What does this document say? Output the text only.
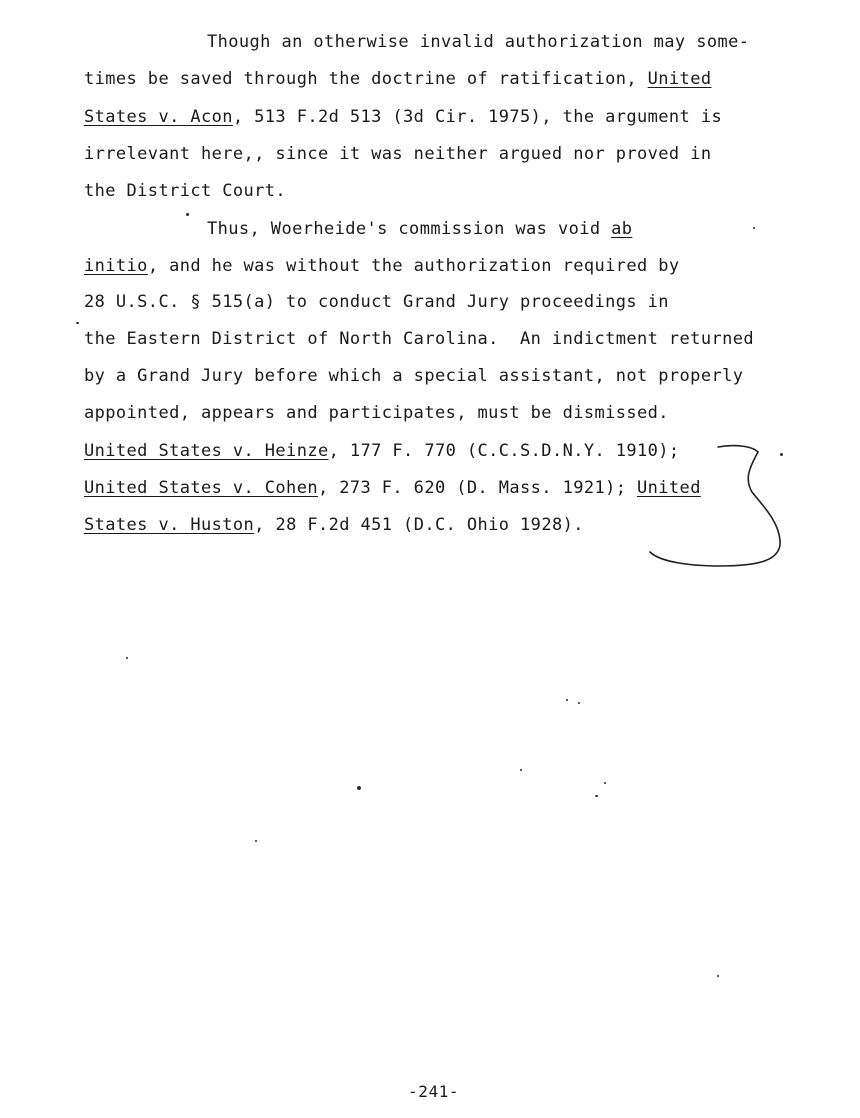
Though an otherwise invalid authorization may some-
times be saved through the doctrine of ratification, United
States v. Acon, 513 F.2d 513 (3d Cir. 1975), the argument is
irrelevant here,, since it was neither argued nor proved in
the District Court.
Thus, Woerheide's commission was void ab
initio, and he was without the authorization required by
28 U.S.C. § 515(a) to conduct Grand Jury proceedings in
the Eastern District of North Carolina.  An indictment returned
by a Grand Jury before which a special assistant, not properly
appointed, appears and participates, must be dismissed.
United States v. Heinze, 177 F. 770 (C.C.S.D.N.Y. 1910);
United States v. Cohen, 273 F. 620 (D. Mass. 1921); United
States v. Huston, 28 F.2d 451 (D.C. Ohio 1928).
-241-
